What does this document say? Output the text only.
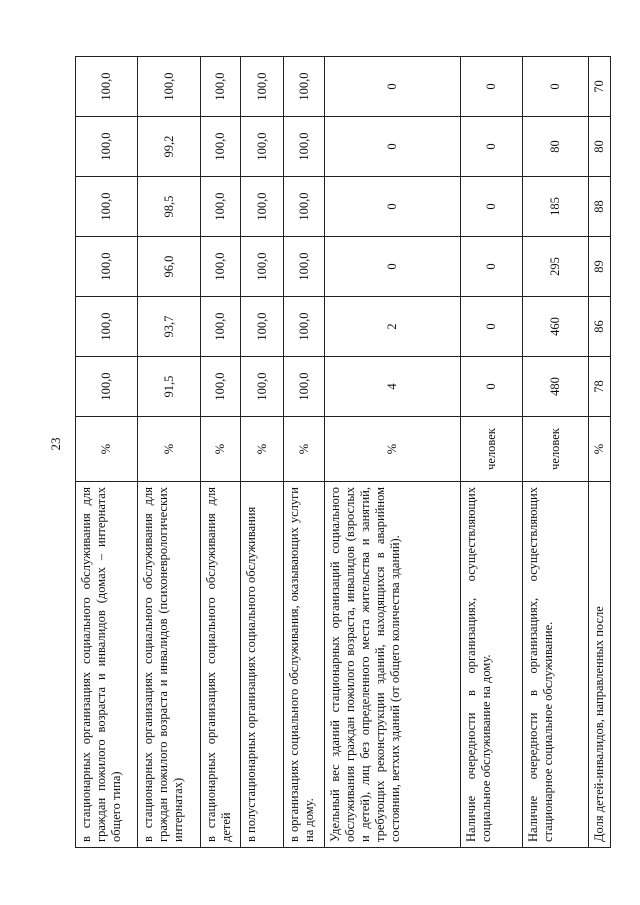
23
в стационарных организациях социального обслуживания для граждан пожилого возраста и инвалидов (домах – интернатах общего типа)	%	100,0	100,0	100,0	100,0	100,0	100,0
в стационарных организациях социального обслуживания для граждан пожилого возраста и инвалидов (психоневрологических интернатах)	%	91,5	93,7	96,0	98,5	99,2	100,0
в стационарных организациях социального обслуживания для детей	%	100,0	100,0	100,0	100,0	100,0	100,0
в полустационарных организациях социального обслуживания	%	100,0	100,0	100,0	100,0	100,0	100,0
в организациях социального обслуживания, оказывающих услуги на дому.	%	100,0	100,0	100,0	100,0	100,0	100,0
Удельный вес зданий стационарных организаций социального обслуживания граждан пожилого возраста, инвалидов (взрослых и детей), лиц без определенного места жительства и занятий, требующих реконструкции зданий, находящихся в аварийном состоянии, ветхих зданий (от общего количества зданий).	%	4	2	0	0	0	0
Наличие очередности в организациях, осуществляющих социальное обслуживание на дому.	человек	0	0	0	0	0	0
Наличие очередности в организациях, осуществляющих стационарное социальное обслуживание.	человек	480	460	295	185	80	0
Доля детей-инвалидов, направленных после	%	78	86	89	88	80	70
